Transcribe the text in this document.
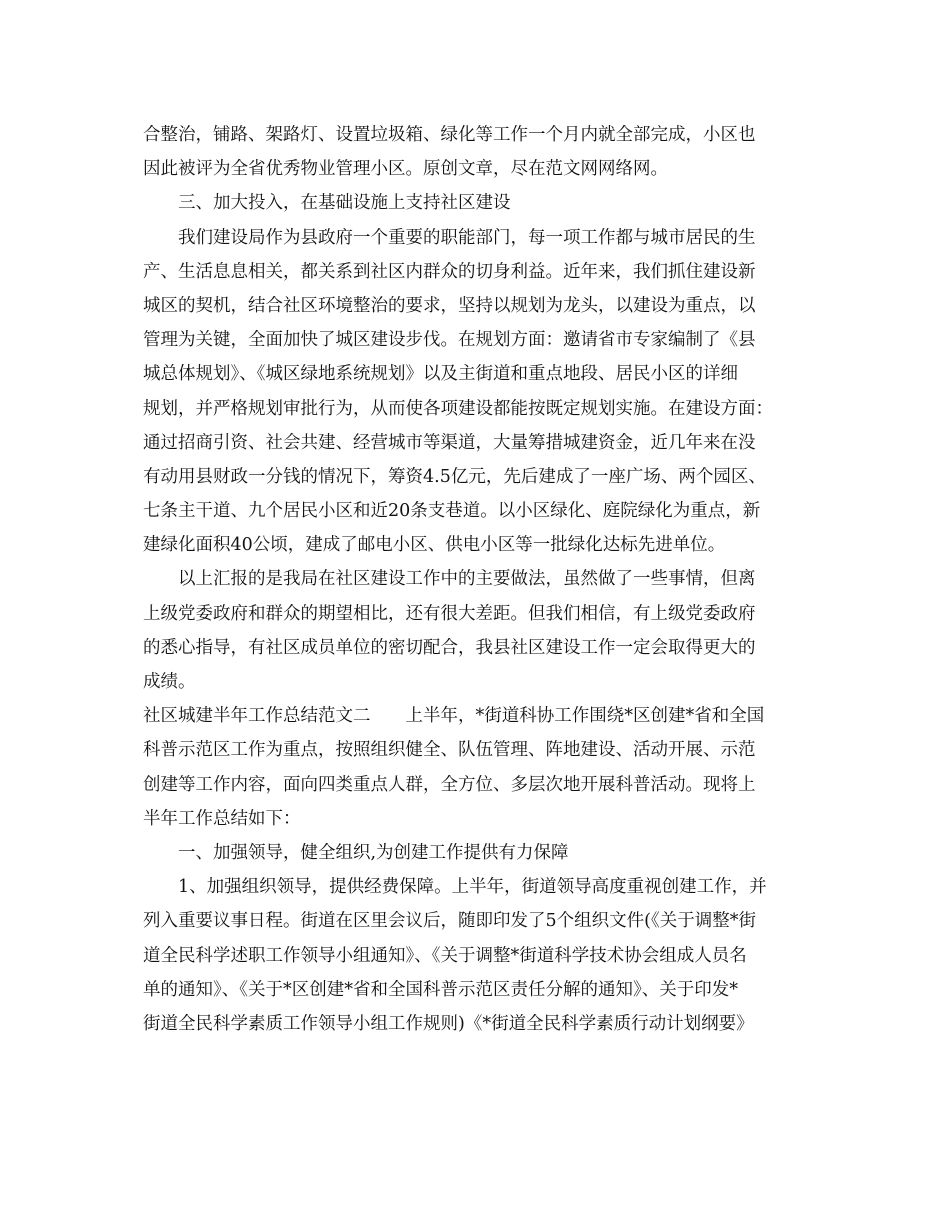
合整治，铺路、架路灯、设置垃圾箱、绿化等工作一个月内就全部完成，小区也
因此被评为全省优秀物业管理小区。原创文章，尽在范文网网络网。
三、加大投入，在基础设施上支持社区建设
我们建设局作为县政府一个重要的职能部门，每一项工作都与城市居民的生
产、生活息息相关，都关系到社区内群众的切身利益。近年来，我们抓住建设新
城区的契机，结合社区环境整治的要求，坚持以规划为龙头，以建设为重点，以
管理为关键，全面加快了城区建设步伐。在规划方面：邀请省市专家编制了《县
城总体规划》、《城区绿地系统规划》以及主街道和重点地段、居民小区的详细
规划，并严格规划审批行为，从而使各项建设都能按既定规划实施。在建设方面：
通过招商引资、社会共建、经营城市等渠道，大量筹措城建资金，近几年来在没
有动用县财政一分钱的情况下，筹资4.5亿元，先后建成了一座广场、两个园区、
七条主干道、九个居民小区和近20条支巷道。以小区绿化、庭院绿化为重点，新
建绿化面积40公顷，建成了邮电小区、供电小区等一批绿化达标先进单位。
以上汇报的是我局在社区建设工作中的主要做法，虽然做了一些事情，但离
上级党委政府和群众的期望相比，还有很大差距。但我们相信，有上级党委政府
的悉心指导，有社区成员单位的密切配合，我县社区建设工作一定会取得更大的
成绩。
社区城建半年工作总结范文二　　上半年，*街道科协工作围绕*区创建*省和全国
科普示范区工作为重点，按照组织健全、队伍管理、阵地建设、活动开展、示范
创建等工作内容，面向四类重点人群，全方位、多层次地开展科普活动。现将上
半年工作总结如下：
一、加强领导，健全组织,为创建工作提供有力保障
1、加强组织领导，提供经费保障。上半年，街道领导高度重视创建工作，并
列入重要议事日程。街道在区里会议后，随即印发了5个组织文件(《关于调整*街
道全民科学述职工作领导小组通知》、《关于调整*街道科学技术协会组成人员名
单的通知》、《关于*区创建*省和全国科普示范区责任分解的通知》、关于印发*
街道全民科学素质工作领导小组工作规则)《*街道全民科学素质行动计划纲要》
